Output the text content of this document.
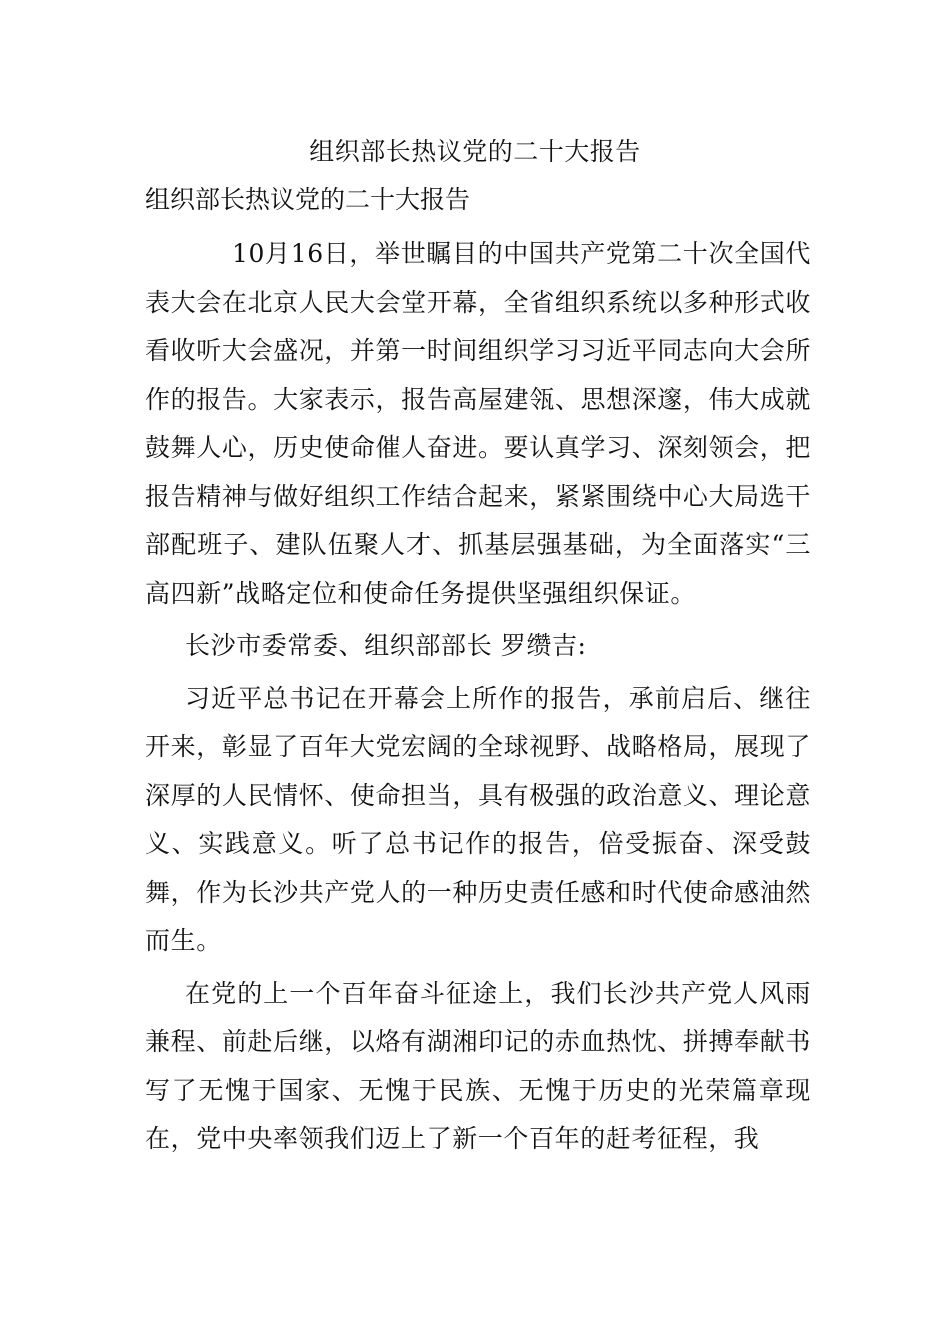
组织部长热议党的二十大报告
组织部长热议党的二十大报告

10月16日，举世瞩目的中国共产党第二十次全国代表大会在北京人民大会堂开幕，全省组织系统以多种形式收看收听大会盛况，并第一时间组织学习习近平同志向大会所作的报告。大家表示，报告高屋建瓴、思想深邃，伟大成就鼓舞人心，历史使命催人奋进。要认真学习、深刻领会，把报告精神与做好组织工作结合起来，紧紧围绕中心大局选干部配班子、建队伍聚人才、抓基层强基础，为全面落实“三高四新”战略定位和使命任务提供坚强组织保证。

长沙市委常委、组织部部长 罗缵吉:

习近平总书记在开幕会上所作的报告，承前启后、继往开来，彰显了百年大党宏阔的全球视野、战略格局，展现了深厚的人民情怀、使命担当，具有极强的政治意义、理论意义、实践意义。听了总书记作的报告，倍受振奋、深受鼓舞，作为长沙共产党人的一种历史责任感和时代使命感油然而生。

在党的上一个百年奋斗征途上，我们长沙共产党人风雨兼程、前赴后继，以烙有湖湘印记的赤血热忱、拼搏奉献书写了无愧于国家、无愧于民族、无愧于历史的光荣篇章现在，党中央率领我们迈上了新一个百年的赶考征程，我
